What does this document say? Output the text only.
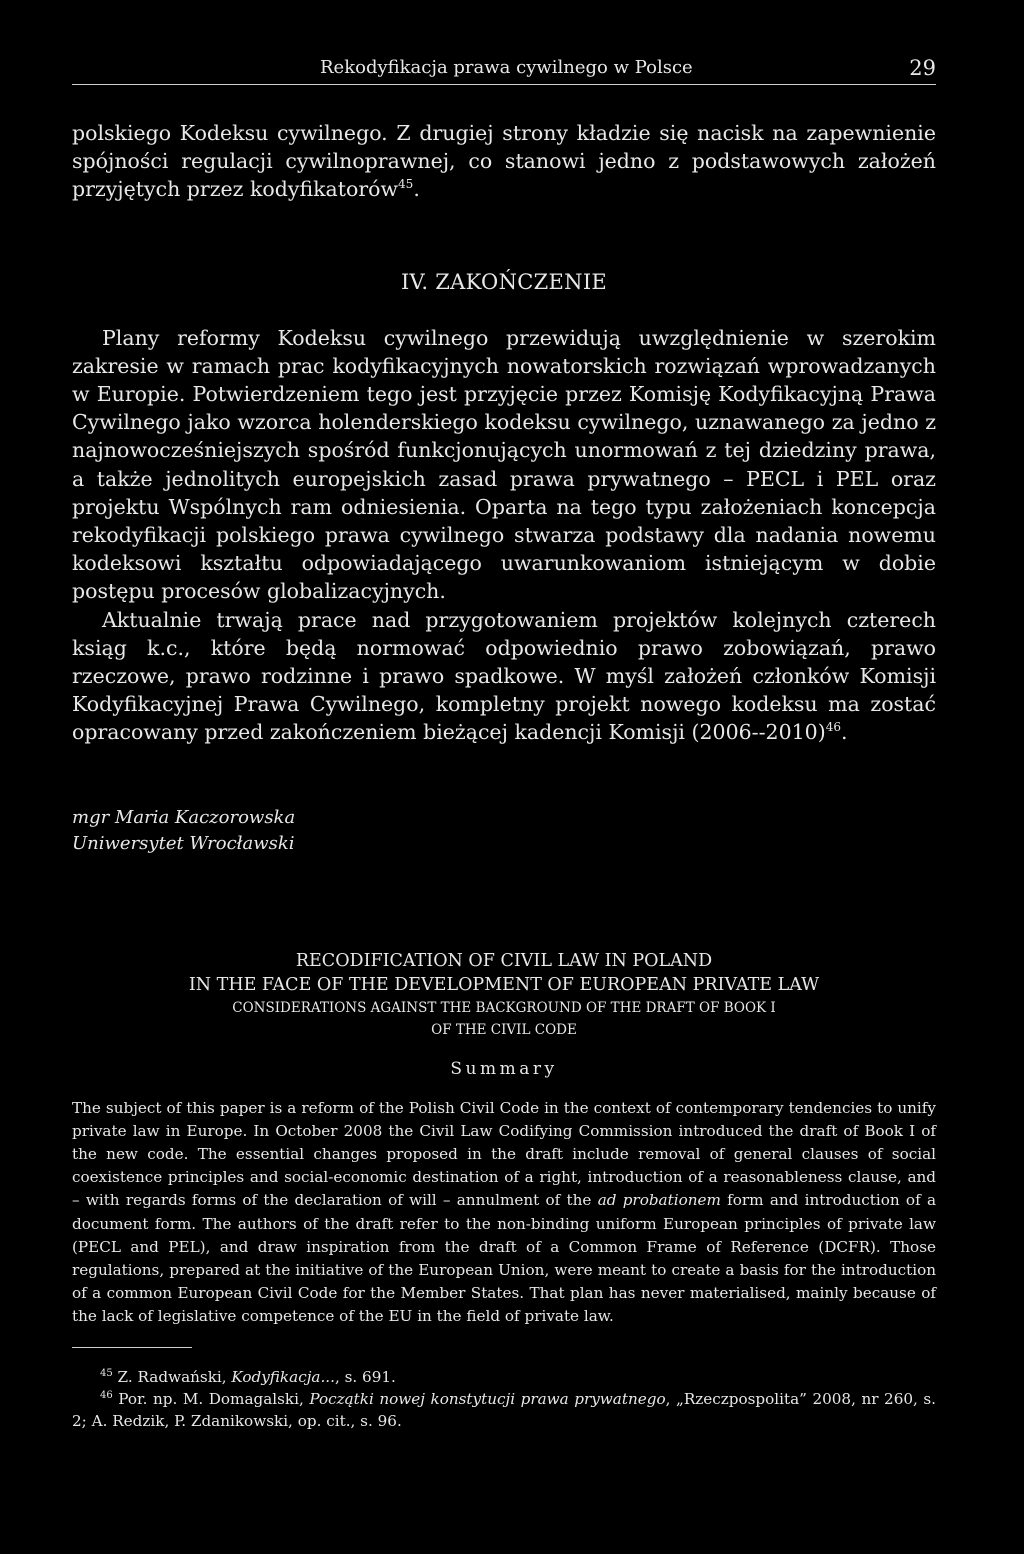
Rekodyfikacja prawa cywilnego w Polsce	29

polskiego Kodeksu cywilnego. Z drugiej strony kładzie się nacisk na zapewnienie spójności regulacji cywilnoprawnej, co stanowi jedno z podstawowych założeń przyjętych przez kodyfikatorów$^{45}$.

IV. ZAKOŃCZENIE

Plany reformy Kodeksu cywilnego przewidują uwzględnienie w szerokim zakresie w ramach prac kodyfikacyjnych nowatorskich rozwiązań wprowadzanych w Europie. Potwierdzeniem tego jest przyjęcie przez Komisję Kodyfikacyjną Prawa Cywilnego jako wzorca holenderskiego kodeksu cywilnego, uznawanego za jedno z najnowocześniejszych spośród funkcjonujących unormowań z tej dziedziny prawa, a także jednolitych europejskich zasad prawa prywatnego – PECL i PEL oraz projektu Wspólnych ram odniesienia. Oparta na tego typu założeniach koncepcja rekodyfikacji polskiego prawa cywilnego stwarza podstawy dla nadania nowemu kodeksowi kształtu odpowiadającego uwarunkowaniom istniejącym w dobie postępu procesów globalizacyjnych.

Aktualnie trwają prace nad przygotowaniem projektów kolejnych czterech ksiąg k.c., które będą normować odpowiednio prawo zobowiązań, prawo rzeczowe, prawo rodzinne i prawo spadkowe. W myśl założeń członków Komisji Kodyfikacyjnej Prawa Cywilnego, kompletny projekt nowego kodeksu ma zostać opracowany przed zakończeniem bieżącej kadencji Komisji $(2006--2010)^{46}$.

mgr Maria Kaczorowska
Uniwersytet Wrocławski
RECODIFICATION OF CIVIL LAW IN POLAND
IN THE FACE OF THE DEVELOPMENT OF EUROPEAN PRIVATE LAW
CONSIDERATIONS AGAINST THE BACKGROUND OF THE DRAFT OF BOOK I
OF THE CIVIL CODE
Summary

The subject of this paper is a reform of the Polish Civil Code in the context of contemporary tendencies to unify private law in Europe. In October 2008 the Civil Law Codifying Commission introduced the draft of Book I of the new code. The essential changes proposed in the draft include removal of general clauses of social coexistence principles and social-economic destination of a right, introduction of a reasonableness clause, and – with regards forms of the declaration of will – annulment of the ad probationem form and introduction of a document form. The authors of the draft refer to the non-binding uniform European principles of private law (PECL and PEL), and draw inspiration from the draft of a Common Frame of Reference (DCFR). Those regulations, prepared at the initiative of the European Union, were meant to create a basis for the introduction of a common European Civil Code for the Member States. That plan has never materialised, mainly because of the lack of legislative competence of the EU in the field of private law.

$^{45}$ Z. Radwański, Kodyfikacja..., s. 691.
$^{46}$ Por. np. M. Domagalski, Początki nowej konstytucji prawa prywatnego, „Rzeczpospolita” 2008, nr 260, s. 2; A. Redzik, P. Zdanikowski, op. cit., s. 96.
